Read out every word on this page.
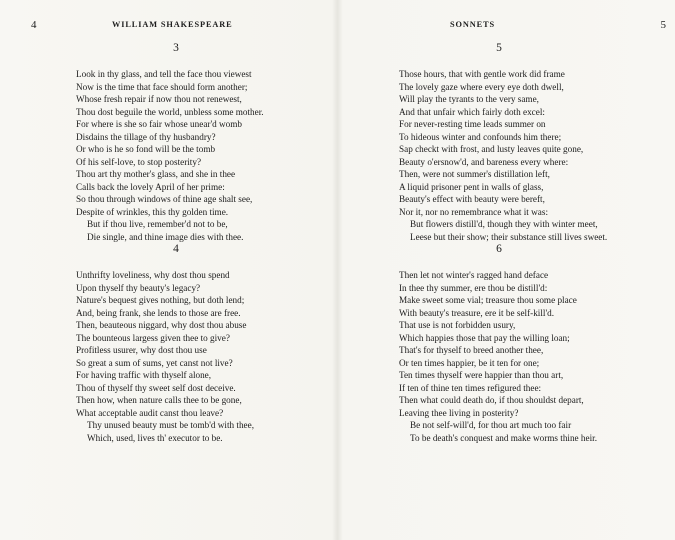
4	WILLIAM SHAKESPEARE
3
Look in thy glass, and tell the face thou viewest
Now is the time that face should form another;
Whose fresh repair if now thou not renewest,
Thou dost beguile the world, unbless some mother.
For where is she so fair whose unear'd womb
Disdains the tillage of thy husbandry?
Or who is he so fond will be the tomb
Of his self-love, to stop posterity?
Thou art thy mother's glass, and she in thee
Calls back the lovely April of her prime:
So thou through windows of thine age shalt see,
Despite of wrinkles, this thy golden time.
But if thou live, remember'd not to be,
Die single, and thine image dies with thee.
4
Unthrifty loveliness, why dost thou spend
Upon thyself thy beauty's legacy?
Nature's bequest gives nothing, but doth lend;
And, being frank, she lends to those are free.
Then, beauteous niggard, why dost thou abuse
The bounteous largess given thee to give?
Profitless usurer, why dost thou use
So great a sum of sums, yet canst not live?
For having traffic with thyself alone,
Thou of thyself thy sweet self dost deceive.
Then how, when nature calls thee to be gone,
What acceptable audit canst thou leave?
Thy unused beauty must be tomb'd with thee,
Which, used, lives th' executor to be.
SONNETS	5
5
Those hours, that with gentle work did frame
The lovely gaze where every eye doth dwell,
Will play the tyrants to the very same,
And that unfair which fairly doth excel:
For never-resting time leads summer on
To hideous winter and confounds him there;
Sap checkt with frost, and lusty leaves quite gone,
Beauty o'ersnow'd, and bareness every where:
Then, were not summer's distillation left,
A liquid prisoner pent in walls of glass,
Beauty's effect with beauty were bereft,
Nor it, nor no remembrance what it was:
But flowers distill'd, though they with winter meet,
Leese but their show; their substance still lives sweet.
6
Then let not winter's ragged hand deface
In thee thy summer, ere thou be distill'd:
Make sweet some vial; treasure thou some place
With beauty's treasure, ere it be self-kill'd.
That use is not forbidden usury,
Which happies those that pay the willing loan;
That's for thyself to breed another thee,
Or ten times happier, be it ten for one;
Ten times thyself were happier than thou art,
If ten of thine ten times refigured thee:
Then what could death do, if thou shouldst depart,
Leaving thee living in posterity?
Be not self-will'd, for thou art much too fair
To be death's conquest and make worms thine heir.
